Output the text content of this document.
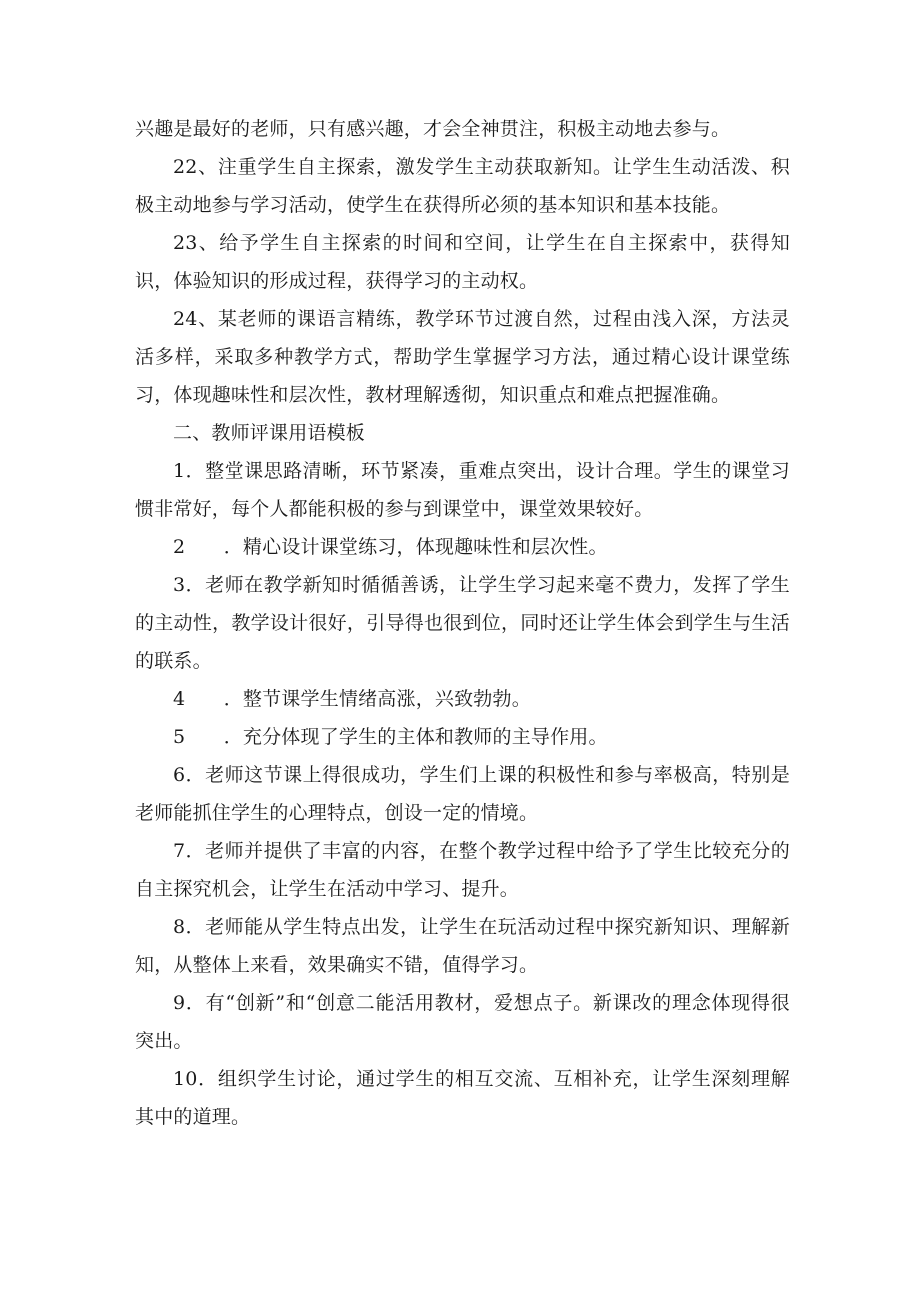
兴趣是最好的老师，只有感兴趣，才会全神贯注，积极主动地去参与。

22、注重学生自主探索，激发学生主动获取新知。让学生生动活泼、积极主动地参与学习活动，使学生在获得所必须的基本知识和基本技能。

23、给予学生自主探索的时间和空间，让学生在自主探索中，获得知识，体验知识的形成过程，获得学习的主动权。

24、某老师的课语言精练，教学环节过渡自然，过程由浅入深，方法灵活多样，采取多种教学方式，帮助学生掌握学习方法，通过精心设计课堂练习，体现趣味性和层次性，教材理解透彻，知识重点和难点把握准确。

二、教师评课用语模板

1．整堂课思路清晰，环节紧凑，重难点突出，设计合理。学生的课堂习惯非常好，每个人都能积极的参与到课堂中，课堂效果较好。

2　　．精心设计课堂练习，体现趣味性和层次性。

3．老师在教学新知时循循善诱，让学生学习起来毫不费力，发挥了学生的主动性，教学设计很好，引导得也很到位，同时还让学生体会到学生与生活的联系。

4　　．整节课学生情绪高涨，兴致勃勃。

5　　．充分体现了学生的主体和教师的主导作用。

6．老师这节课上得很成功，学生们上课的积极性和参与率极高，特别是老师能抓住学生的心理特点，创设一定的情境。

7．老师并提供了丰富的内容，在整个教学过程中给予了学生比较充分的自主探究机会，让学生在活动中学习、提升。

8．老师能从学生特点出发，让学生在玩活动过程中探究新知识、理解新知，从整体上来看，效果确实不错，值得学习。

9．有“创新”和“创意二能活用教材，爱想点子。新课改的理念体现得很突出。

10．组织学生讨论，通过学生的相互交流、互相补充，让学生深刻理解其中的道理。
